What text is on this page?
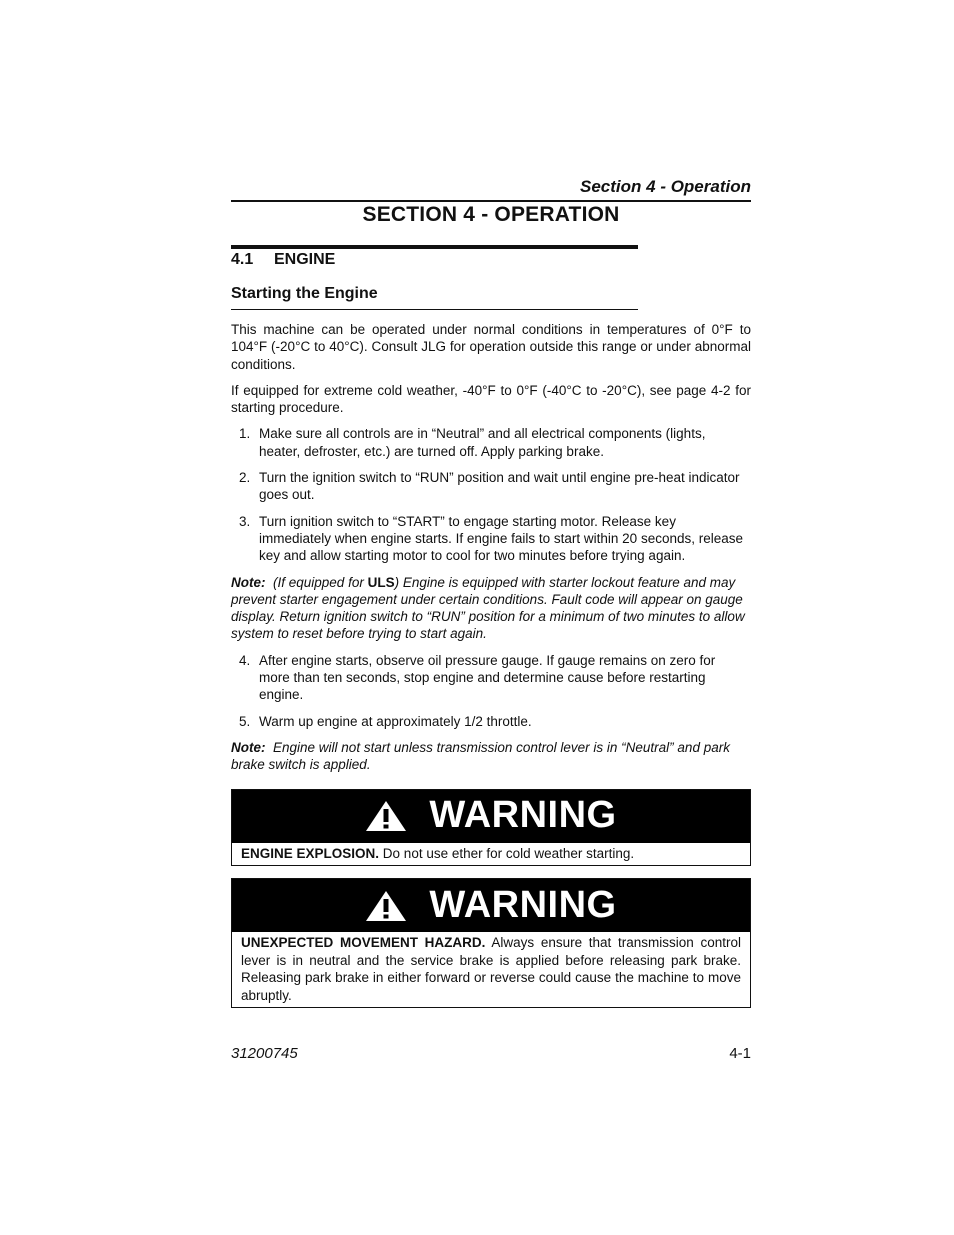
Section 4 - Operation
SECTION 4 - OPERATION
4.1 ENGINE
Starting the Engine

This machine can be operated under normal conditions in temperatures of 0°F to 104°F (-20°C to 40°C). Consult JLG for operation outside this range or under abnormal conditions.

If equipped for extreme cold weather, -40°F to 0°F (-40°C to -20°C), see page 4-2 for starting procedure.

1. Make sure all controls are in “Neutral” and all electrical components (lights, heater, defroster, etc.) are turned off. Apply parking brake.
2. Turn the ignition switch to “RUN” position and wait until engine pre-heat indicator goes out.
3. Turn ignition switch to “START” to engage starting motor. Release key immediately when engine starts. If engine fails to start within 20 seconds, release key and allow starting motor to cool for two minutes before trying again.
Note: (If equipped for ULS) Engine is equipped with starter lockout feature and may prevent starter engagement under certain conditions. Fault code will appear on gauge display. Return ignition switch to “RUN” position for a minimum of two minutes to allow system to reset before trying to start again.
4. After engine starts, observe oil pressure gauge. If gauge remains on zero for more than ten seconds, stop engine and determine cause before restarting engine.
5. Warm up engine at approximately 1/2 throttle.
Note: Engine will not start unless transmission control lever is in “Neutral” and park brake switch is applied.
WARNING
ENGINE EXPLOSION. Do not use ether for cold weather starting.
WARNING
UNEXPECTED MOVEMENT HAZARD. Always ensure that transmission control lever is in neutral and the service brake is applied before releasing park brake. Releasing park brake in either forward or reverse could cause the machine to move abruptly.
31200745	4-1
